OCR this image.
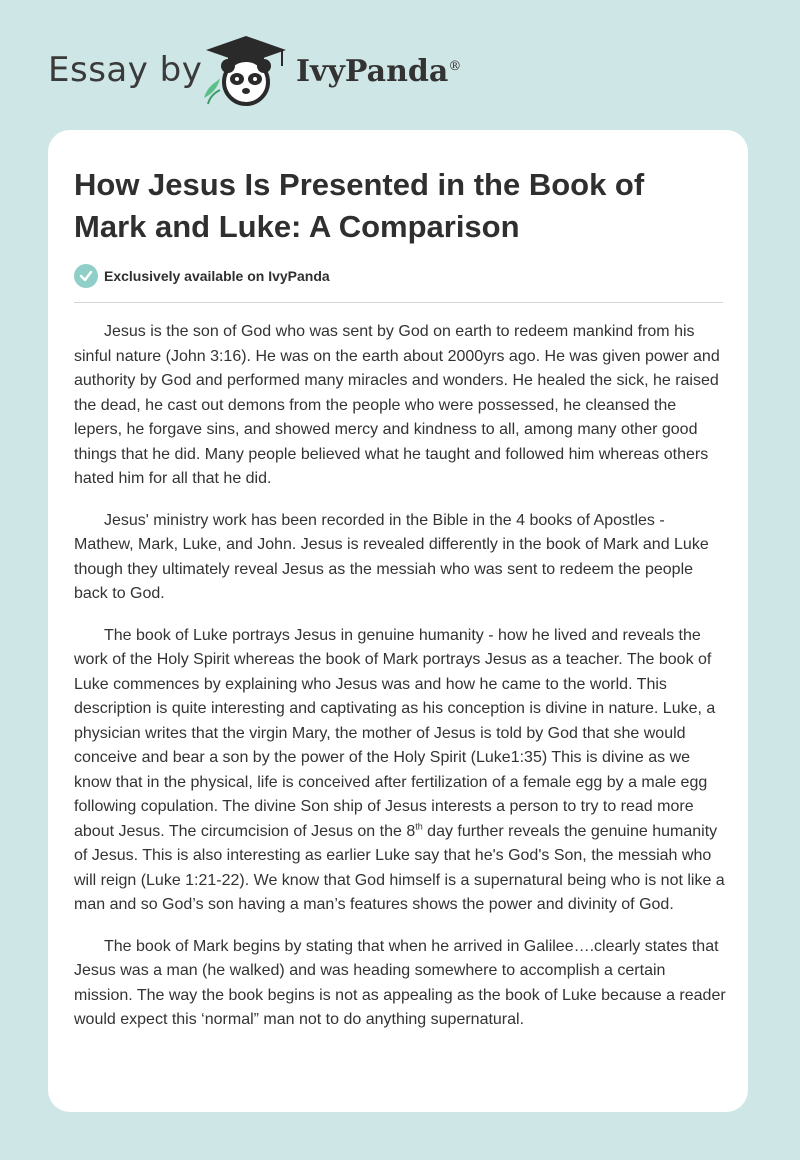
Essay by	IvyPanda®
How Jesus Is Presented in the Book of Mark and Luke: A Comparison
Exclusively available on IvyPanda

Jesus is the son of God who was sent by God on earth to redeem mankind from his sinful nature (John 3:16). He was on the earth about 2000yrs ago. He was given power and authority by God and performed many miracles and wonders. He healed the sick, he raised the dead, he cast out demons from the people who were possessed, he cleansed the lepers, he forgave sins, and showed mercy and kindness to all, among many other good things that he did. Many people believed what he taught and followed him whereas others hated him for all that he did.

Jesus' ministry work has been recorded in the Bible in the 4 books of Apostles - Mathew, Mark, Luke, and John. Jesus is revealed differently in the book of Mark and Luke though they ultimately reveal Jesus as the messiah who was sent to redeem the people back to God.

The book of Luke portrays Jesus in genuine humanity - how he lived and reveals the work of the Holy Spirit whereas the book of Mark portrays Jesus as a teacher. The book of Luke commences by explaining who Jesus was and how he came to the world. This description is quite interesting and captivating as his conception is divine in nature. Luke, a physician writes that the virgin Mary, the mother of Jesus is told by God that she would conceive and bear a son by the power of the Holy Spirit (Luke1:35) This is divine as we know that in the physical, life is conceived after fertilization of a female egg by a male egg following copulation. The divine Son ship of Jesus interests a person to try to read more about Jesus. The circumcision of Jesus on the 8th day further reveals the genuine humanity of Jesus. This is also interesting as earlier Luke say that he's God's Son, the messiah who will reign (Luke 1:21-22). We know that God himself is a supernatural being who is not like a man and so God’s son having a man’s features shows the power and divinity of God.

The book of Mark begins by stating that when he arrived in Galilee….clearly states that Jesus was a man (he walked) and was heading somewhere to accomplish a certain mission. The way the book begins is not as appealing as the book of Luke because a reader would expect this ‘normal” man not to do anything supernatural.
